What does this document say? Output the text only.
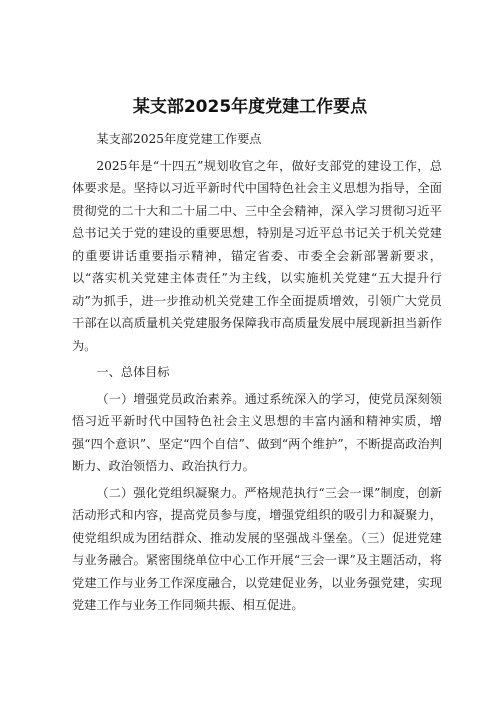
某支部2025年度党建工作要点

某支部2025年度党建工作要点

2025年是“十四五”规划收官之年，做好支部党的建设工作，总体要求是。坚持以习近平新时代中国特色社会主义思想为指导，全面贯彻党的二十大和二十届二中、三中全会精神，深入学习贯彻习近平总书记关于党的建设的重要思想，特别是习近平总书记关于机关党建的重要讲话重要指示精神，锚定省委、市委全会新部署新要求，以“落实机关党建主体责任”为主线，以实施机关党建“五大提升行动”为抓手，进一步推动机关党建工作全面提质增效，引领广大党员干部在以高质量机关党建服务保障我市高质量发展中展现新担当新作为。

一、总体目标

（一）增强党员政治素养。通过系统深入的学习，使党员深刻领悟习近平新时代中国特色社会主义思想的丰富内涵和精神实质，增强“四个意识”、坚定“四个自信”、做到“两个维护”，不断提高政治判断力、政治领悟力、政治执行力。

（二）强化党组织凝聚力。严格规范执行“三会一课”制度，创新活动形式和内容，提高党员参与度，增强党组织的吸引力和凝聚力，使党组织成为团结群众、推动发展的坚强战斗堡垒。（三）促进党建与业务融合。紧密围绕单位中心工作开展“三会一课”及主题活动，将党建工作与业务工作深度融合，以党建促业务，以业务强党建，实现党建工作与业务工作同频共振、相互促进。
